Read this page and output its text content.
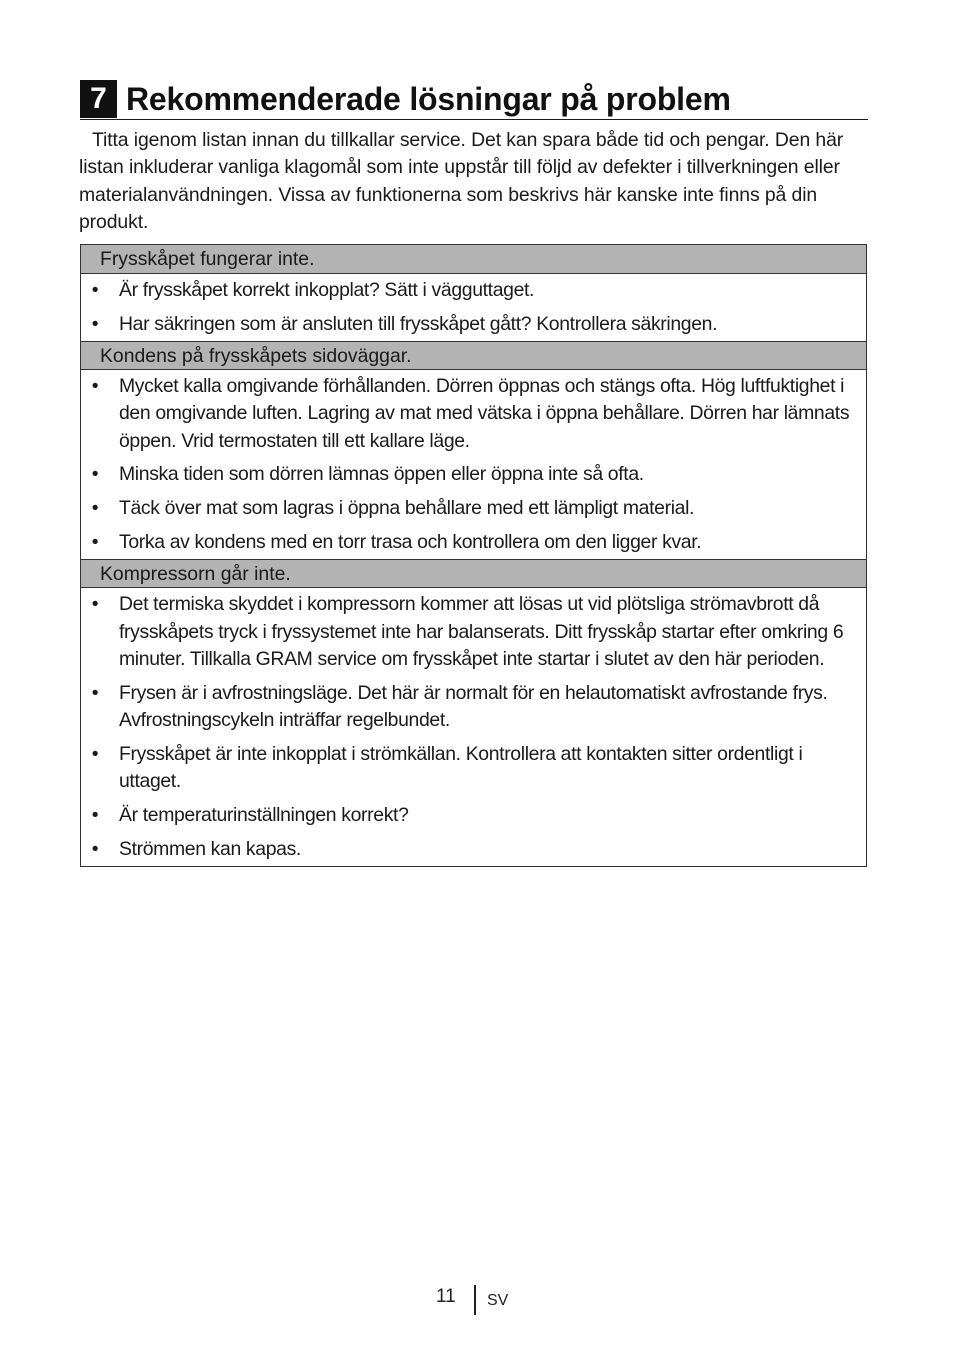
7 Rekommenderade lösningar på problem

Titta igenom listan innan du tillkallar service. Det kan spara både tid och pengar. Den här listan inkluderar vanliga klagomål som inte uppstår till följd av defekter i tillverkningen eller materialanvändningen. Vissa av funktionerna som beskrivs här kanske inte finns på din produkt.

Frysskåpet fungerar inte.
• Är frysskåpet korrekt inkopplat? Sätt i vägguttaget.
• Har säkringen som är ansluten till frysskåpet gått? Kontrollera säkringen.
Kondens på frysskåpets sidoväggar.
• Mycket kalla omgivande förhållanden. Dörren öppnas och stängs ofta. Hög luftfuktighet i den omgivande luften. Lagring av mat med vätska i öppna behållare. Dörren har lämnats öppen. Vrid termostaten till ett kallare läge.
• Minska tiden som dörren lämnas öppen eller öppna inte så ofta.
• Täck över mat som lagras i öppna behållare med ett lämpligt material.
• Torka av kondens med en torr trasa och kontrollera om den ligger kvar.
Kompressorn går inte.
• Det termiska skyddet i kompressorn kommer att lösas ut vid plötsliga strömavbrott då frysskåpets tryck i fryssystemet inte har balanserats. Ditt frysskåp startar efter omkring 6 minuter. Tillkalla GRAM service om frysskåpet inte startar i slutet av den här perioden.
• Frysen är i avfrostningsläge. Det här är normalt för en helautomatiskt avfrostande frys. Avfrostningscykeln inträffar regelbundet.
• Frysskåpet är inte inkopplat i strömkällan. Kontrollera att kontakten sitter ordentligt i uttaget.
• Är temperaturinställningen korrekt?
• Strömmen kan kapas.
11 SV
